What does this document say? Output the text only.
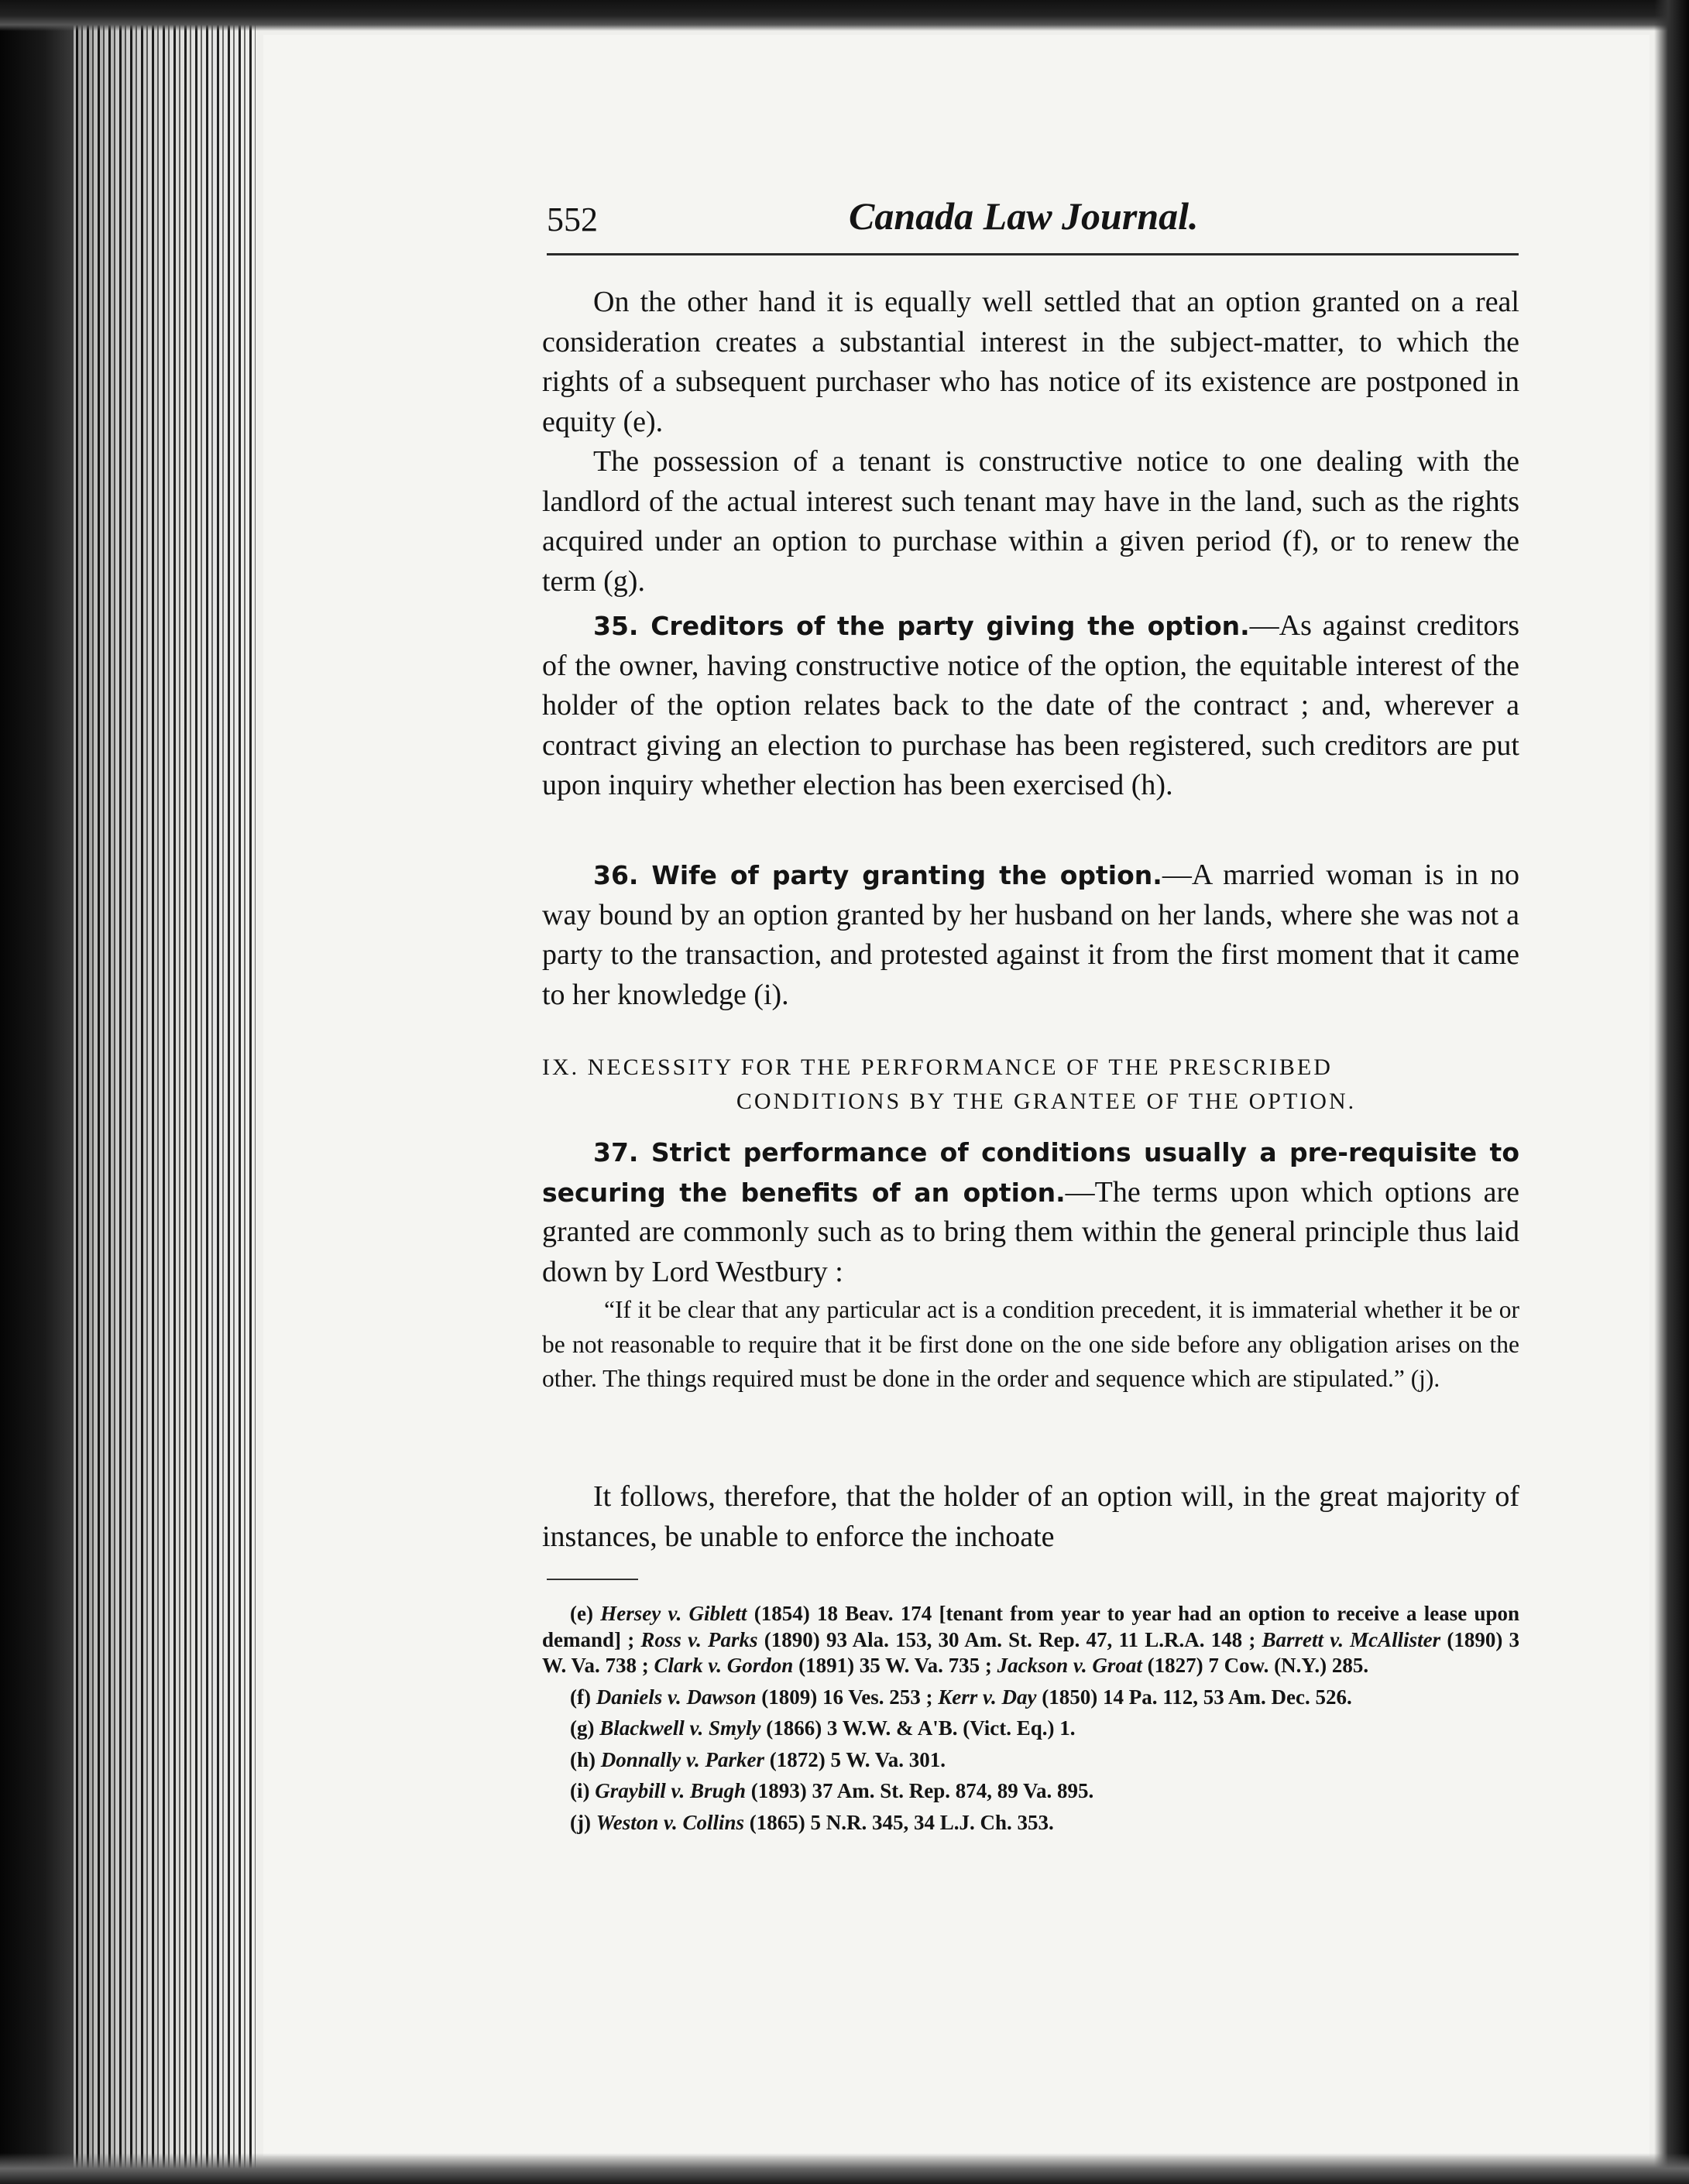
552	Canada Law Journal.

On the other hand it is equally well settled that an option granted on a real consideration creates a substantial interest in the subject-matter, to which the rights of a subsequent purchaser who has notice of its existence are postponed in equity (e).

The possession of a tenant is constructive notice to one dealing with the landlord of the actual interest such tenant may have in the land, such as the rights acquired under an option to purchase within a given period (f), or to renew the term (g).

35. Creditors of the party giving the option.—As against creditors of the owner, having constructive notice of the option, the equitable interest of the holder of the option relates back to the date of the contract ; and, wherever a contract giving an election to purchase has been registered, such creditors are put upon inquiry whether election has been exercised (h).

36. Wife of party granting the option.—A married woman is in no way bound by an option granted by her husband on her lands, where she was not a party to the transaction, and protested against it from the first moment that it came to her knowledge (i).

IX. NECESSITY FOR THE PERFORMANCE OF THE PRESCRIBED
CONDITIONS BY THE GRANTEE OF THE OPTION.

37. Strict performance of conditions usually a pre-requisite to securing the benefits of an option.—The terms upon which options are granted are commonly such as to bring them within the general principle thus laid down by Lord Westbury :

“If it be clear that any particular act is a condition precedent, it is immaterial whether it be or be not reasonable to require that it be first done on the one side before any obligation arises on the other. The things required must be done in the order and sequence which are stipulated.” (j).

It follows, therefore, that the holder of an option will, in the great majority of instances, be unable to enforce the inchoate

(e) Hersey v. Giblett (1854) 18 Beav. 174 [tenant from year to year had an option to receive a lease upon demand] ; Ross v. Parks (1890) 93 Ala. 153, 30 Am. St. Rep. 47, 11 L.R.A. 148 ; Barrett v. McAllister (1890) 3 W. Va. 738 ; Clark v. Gordon (1891) 35 W. Va. 735 ; Jackson v. Groat (1827) 7 Cow. (N.Y.) 285.

(f) Daniels v. Dawson (1809) 16 Ves. 253 ; Kerr v. Day (1850) 14 Pa. 112, 53 Am. Dec. 526.

(g) Blackwell v. Smyly (1866) 3 W.W. & A'B. (Vict. Eq.) 1.

(h) Donnally v. Parker (1872) 5 W. Va. 301.

(i) Graybill v. Brugh (1893) 37 Am. St. Rep. 874, 89 Va. 895.

(j) Weston v. Collins (1865) 5 N.R. 345, 34 L.J. Ch. 353.
